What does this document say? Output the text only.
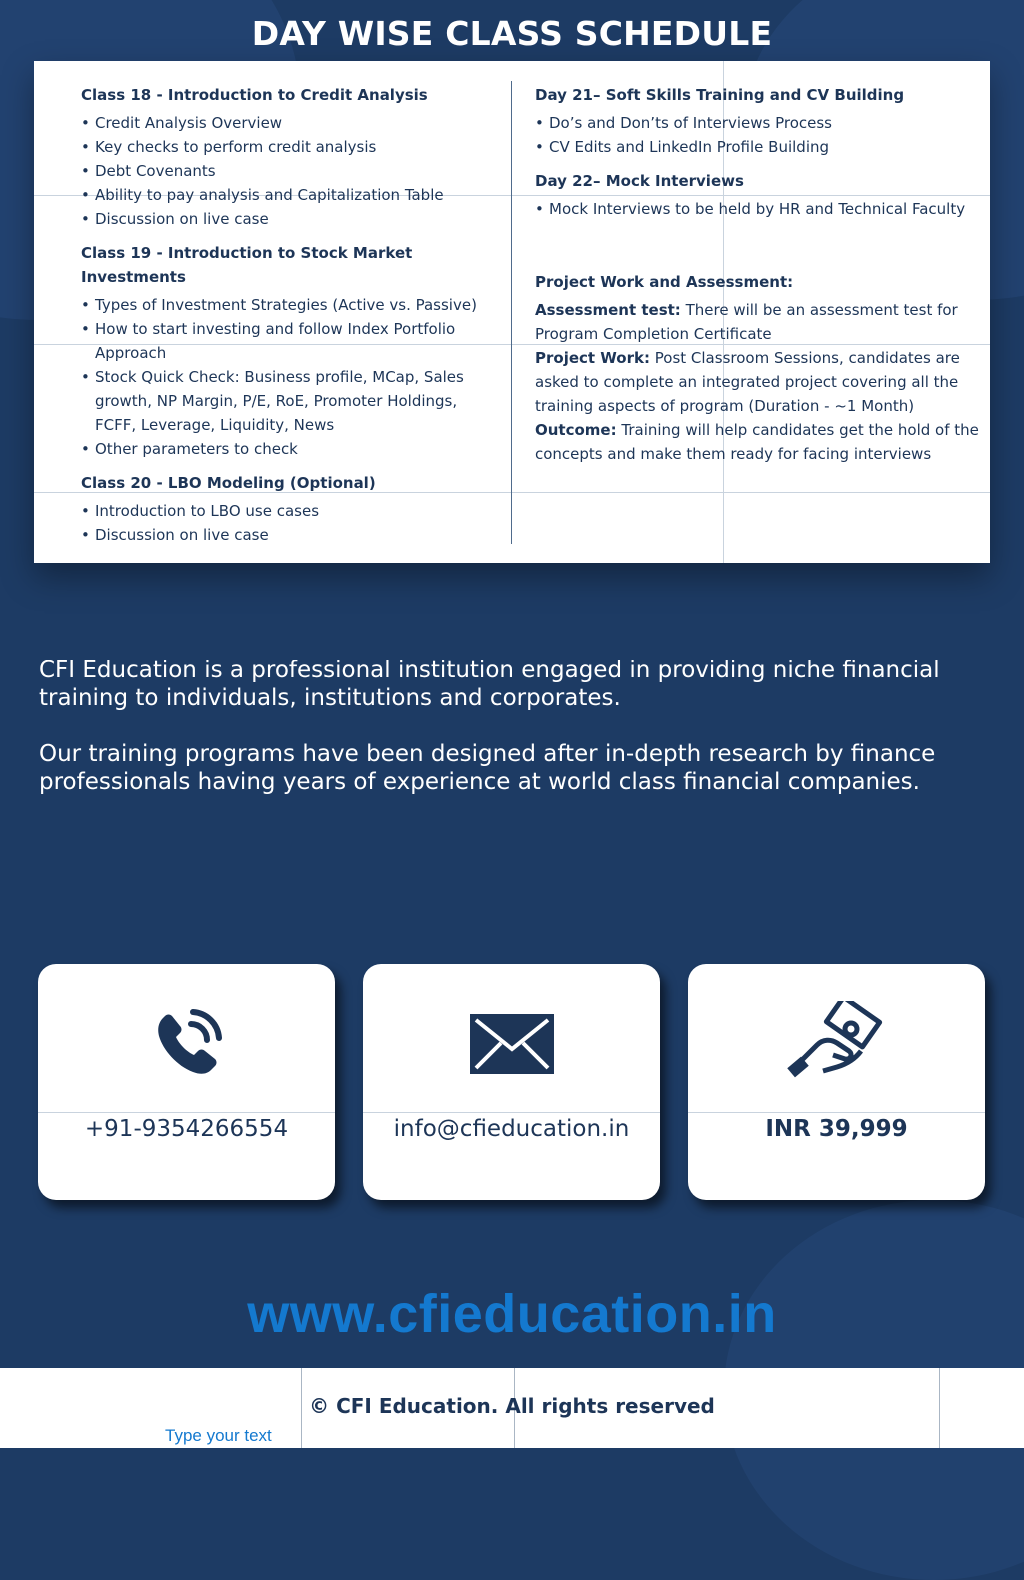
DAY WISE CLASS SCHEDULE
Class 18 - Introduction to Credit Analysis
• Credit Analysis Overview
• Key checks to perform credit analysis
• Debt Covenants
• Ability to pay analysis and Capitalization Table
• Discussion on live case
Class 19 - Introduction to Stock Market Investments
• Types of Investment Strategies (Active vs. Passive)
• How to start investing and follow Index Portfolio Approach
• Stock Quick Check: Business profile, MCap, Sales growth, NP Margin, P/E, RoE, Promoter Holdings, FCFF, Leverage, Liquidity, News
• Other parameters to check
Class 20 - LBO Modeling (Optional)
• Introduction to LBO use cases
• Discussion on live case
Day 21– Soft Skills Training and CV Building
• Do’s and Don’ts of Interviews Process
• CV Edits and LinkedIn Profile Building
Day 22– Mock Interviews
• Mock Interviews to be held by HR and Technical Faculty
Project Work and Assessment:

Assessment test: There will be an assessment test for Program Completion Certificate

Project Work: Post Classroom Sessions, candidates are asked to complete an integrated project covering all the training aspects of program (Duration - ~1 Month)

Outcome: Training will help candidates get the hold of the concepts and make them ready for facing interviews

CFI Education is a professional institution engaged in providing niche financial training to individuals, institutions and corporates.

Our training programs have been designed after in-depth research by finance professionals having years of experience at world class financial companies.

+91-9354266554	info@cfieducation.in	INR 39,999
www.cfieducation.in
© CFI Education. All rights reserved
Type your text
